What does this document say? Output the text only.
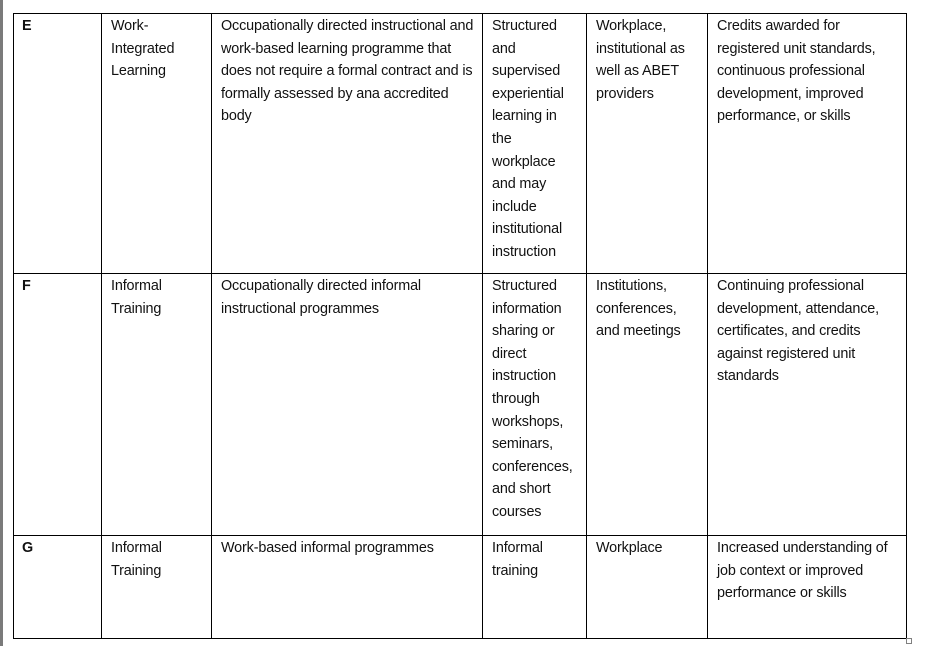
E	Work-Integrated Learning	Occupationally directed instructional and work-based learning programme that does not require a formal contract and is formally assessed by ana accredited body	Structured and supervised experiential learning in the workplace and may include institutional instruction	Workplace, institutional as well as ABET providers	Credits awarded for registered unit standards, continuous professional development, improved performance, or skills
F	Informal Training	Occupationally directed informal instructional programmes	Structured information sharing or direct instruction through workshops, seminars, conferences, and short courses	Institutions, conferences, and meetings	Continuing professional development, attendance, certificates, and credits against registered unit standards
G	Informal Training	Work-based informal programmes	Informal training	Workplace	Increased understanding of job context or improved performance or skills
